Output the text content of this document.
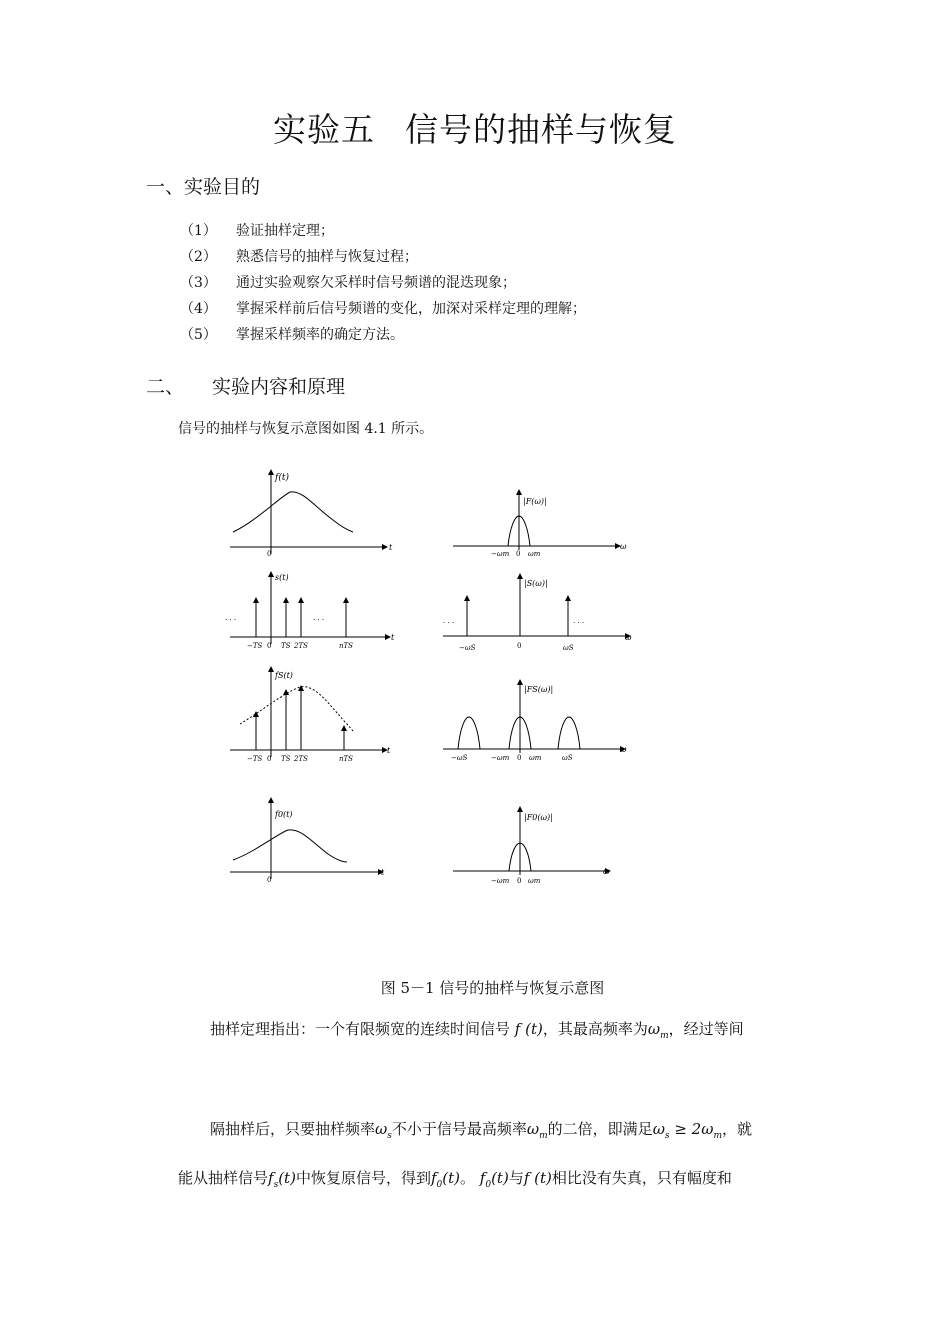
实验五 信号的抽样与恢复
一、实验目的
（1）	验证抽样定理；
（2）	熟悉信号的抽样与恢复过程；
（3）	通过实验观察欠采样时信号频谱的混迭现象；
（4）	掌握采样前后信号频谱的变化，加深对采样定理的理解；
（5）	掌握采样频率的确定方法。
二、 实验内容和原理
信号的抽样与恢复示意图如图 4.1 所示。
f(t)
0
t
|F(ω)|
−ωm 0 ωm
ω
s(t)
· · ·	· · ·
−TS 0 TS 2TS	nTS
t
|S(ω)|
· · ·	· · ·
−ωS	0	ωS
ω
fS(t)
−TS 0 TS 2TS	nTS
t
|FS(ω)|
−ωS	−ωm 0 ωm	ωS
ω
f0(t)
0
t
|F0(ω)|
−ωm 0 ωm
ω
图 5－1 信号的抽样与恢复示意图
抽样定理指出：一个有限频宽的连续时间信号 f (t)，其最高频率为$\omega_m$，经过等间
隔抽样后，只要抽样频率$\omega_s$不小于信号最高频率$\omega_m$的二倍，即满足$\omega_s \ge 2\omega_m$，就
能从抽样信号$f_s(t)$中恢复原信号，得到$f_0(t)$。 $f_0(t)$与f (t)相比没有失真，只有幅度和
